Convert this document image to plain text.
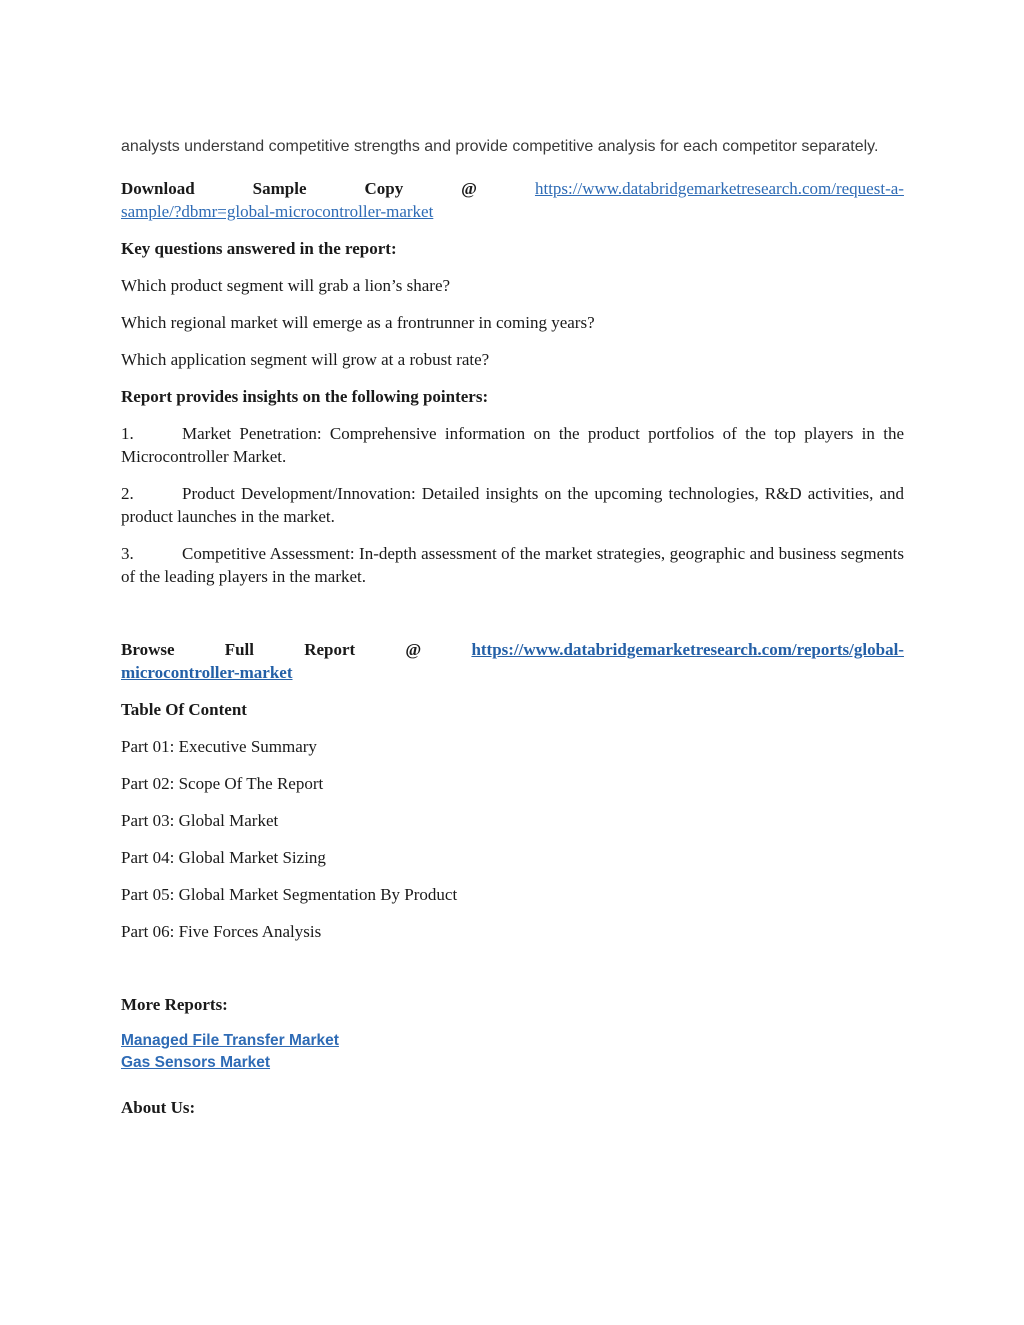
analysts understand competitive strengths and provide competitive analysis for each competitor separately.

Download	Sample	Copy	@	https://www.databridgemarketresearch.com/request-a-
sample/?dbmr=global-microcontroller-market

Key questions answered in the report:

Which product segment will grab a lion’s share?

Which regional market will emerge as a frontrunner in coming years?

Which application segment will grow at a robust rate?

Report provides insights on the following pointers:

1.	Market Penetration: Comprehensive information on the product portfolios of the top players in the Microcontroller Market.

2.	Product Development/Innovation: Detailed insights on the upcoming technologies, R&D activities, and product launches in the market.

3.	Competitive Assessment: In-depth assessment of the market strategies, geographic and business segments of the leading players in the market.

Browse	Full	Report	@	https://www.databridgemarketresearch.com/reports/global-
microcontroller-market

Table Of Content

Part 01: Executive Summary

Part 02: Scope Of The Report

Part 03: Global Market

Part 04: Global Market Sizing

Part 05: Global Market Segmentation By Product

Part 06: Five Forces Analysis

More Reports:

Managed File Transfer Market
Gas Sensors Market

About Us:
